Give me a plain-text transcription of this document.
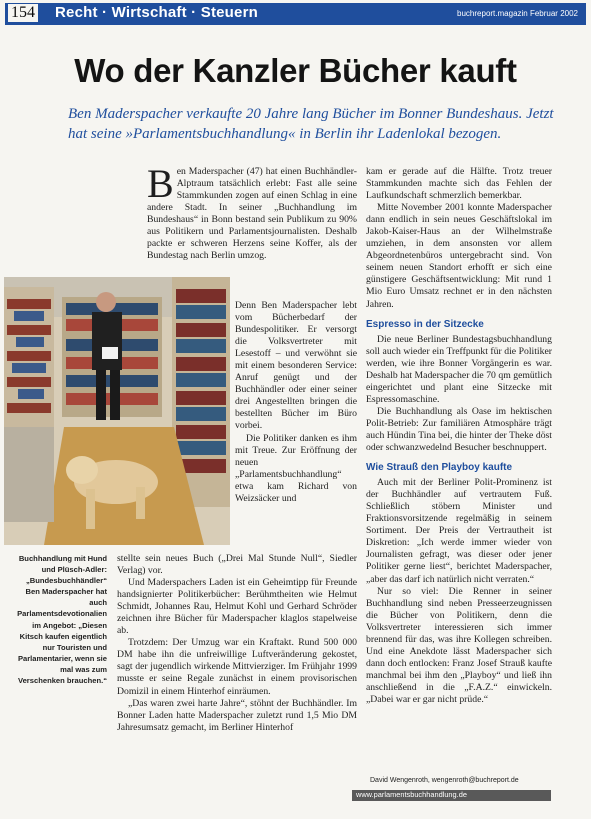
154 Recht · Wirtschaft · Steuern	buchreport.magazin Februar 2002
Wo der Kanzler Bücher kauft
Ben Maderspacher verkaufte 20 Jahre lang Bücher im Bonner Bundeshaus. Jetzt hat seine »Parlamentsbuchhandlung« in Berlin ihr Ladenlokal bezogen.

Ben Maderspacher (47) hat einen Buchhändler-Alptraum tatsächlich erlebt: Fast alle seine Stammkunden zogen auf einen Schlag in eine andere Stadt. In seiner „Buchhandlung im Bundeshaus“ in Bonn bestand sein Publikum zu 90% aus Politikern und Parlamentsjournalisten. Deshalb packte er schweren Herzens seine Koffer, als der Bundestag nach Berlin umzog.

Denn Ben Maderspacher lebt vom Bücherbedarf der Bundespolitiker. Er versorgt die Volksvertreter mit Lesestoff – und verwöhnt sie mit einem besonderen Service: Anruf genügt und der Buchhändler oder einer seiner drei Angestellten bringen die bestellten Bücher im Büro vorbei.

Die Politiker danken es ihm mit Treue. Zur Eröffnung der neuen „Parlamentsbuchhandlung“ etwa kam Richard von Weizsäcker und

Buchhandlung mit Hund und Plüsch-Adler: „Bundesbuchhändler“ Ben Maderspacher hat auch Parlamentsdevotionalien im Angebot: „Diesen Kitsch kaufen eigentlich nur Touristen und Parlamentarier, wenn sie mal was zum Verschenken brauchen.“

stellte sein neues Buch („Drei Mal Stunde Null“, Siedler Verlag) vor.

Und Maderspachers Laden ist ein Geheimtipp für Freunde handsignierter Politikerbücher: Berühmtheiten wie Helmut Schmidt, Johannes Rau, Helmut Kohl und Gerhard Schröder zeichnen ihre Bücher für Maderspacher klaglos stapelweise ab.

Trotzdem: Der Umzug war ein Kraftakt. Rund 500 000 DM habe ihn die unfreiwillige Luftveränderung gekostet, sagt der jugendlich wirkende Mittvierziger. Im Frühjahr 1999 musste er seine Regale zunächst in einem provisorischen Domizil in einem Hinterhof einräumen.

„Das waren zwei harte Jahre“, stöhnt der Buchhändler. Im Bonner Laden hatte Maderspacher zuletzt rund 1,5 Mio DM Jahresumsatz gemacht, im Berliner Hinterhof

kam er gerade auf die Hälfte. Trotz treuer Stammkunden machte sich das Fehlen der Laufkundschaft schmerzlich bemerkbar.

Mitte November 2001 konnte Maderspacher dann endlich in sein neues Geschäftslokal im Jakob-Kaiser-Haus an der Wilhelmstraße umziehen, in dem ansonsten vor allem Abgeordnetenbüros untergebracht sind. Von seinem neuen Standort erhofft er sich eine günstigere Geschäftsentwicklung: Mit rund 1 Mio Euro Umsatz rechnet er in den nächsten Jahren.

Espresso in der Sitzecke

Die neue Berliner Bundestagsbuchhandlung soll auch wieder ein Treffpunkt für die Politiker werden, wie ihre Bonner Vorgängerin es war. Deshalb hat Maderspacher die 70 qm gemütlich eingerichtet und plant eine Sitzecke mit Espressomaschine.

Die Buchhandlung als Oase im hektischen Polit-Betrieb: Zur familiären Atmosphäre trägt auch Hündin Tina bei, die hinter der Theke döst oder schwanzwedelnd Besucher beschnuppert.

Wie Strauß den Playboy kaufte

Auch mit der Berliner Polit-Prominenz ist der Buchhändler auf vertrautem Fuß. Schließlich stöbern Minister und Fraktionsvorsitzende regelmäßig in seinem Sortiment. Der Preis der Vertrautheit ist Diskretion: „Ich werde immer wieder von Journalisten gefragt, was dieser oder jener Politiker gerne liest“, berichtet Maderspacher, „aber das darf ich natürlich nicht verraten.“

Nur so viel: Die Renner in seiner Buchhandlung sind neben Presseerzeugnissen die Bücher von Politikern, denn die Volksvertreter interessieren sich immer brennend für das, was ihre Kollegen schreiben. Und eine Anekdote lässt Maderspacher sich dann doch entlocken: Franz Josef Strauß kaufte manchmal bei ihm den „Playboy“ und ließ ihn anschließend in die „F.A.Z.“ einwickeln. „Dabei war er gar nicht prüde.“

David Wengenroth, wengenroth@buchreport.de
www.parlamentsbuchhandlung.de
